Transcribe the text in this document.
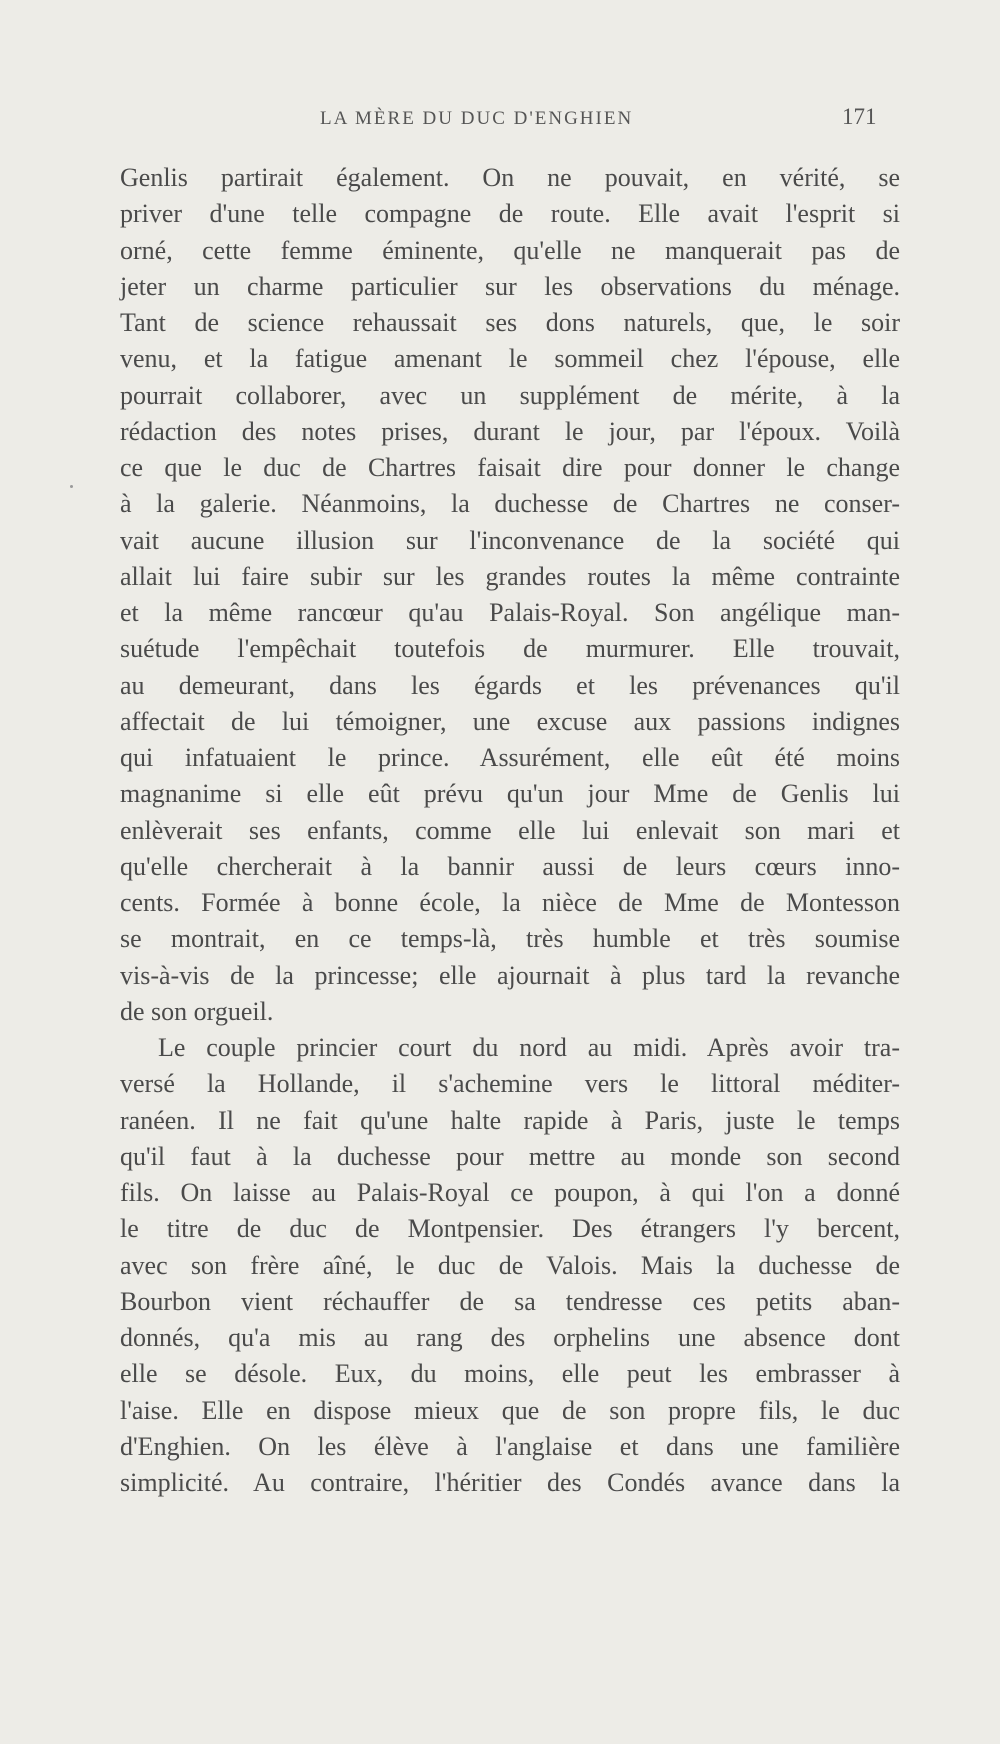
LA MÈRE DU DUC D'ENGHIEN	171
Genlis partirait également. On ne pouvait, en vérité, se
priver d'une telle compagne de route. Elle avait l'esprit si
orné, cette femme éminente, qu'elle ne manquerait pas de
jeter un charme particulier sur les observations du ménage.
Tant de science rehaussait ses dons naturels, que, le soir
venu, et la fatigue amenant le sommeil chez l'épouse, elle
pourrait collaborer, avec un supplément de mérite, à la
rédaction des notes prises, durant le jour, par l'époux. Voilà
ce que le duc de Chartres faisait dire pour donner le change
à la galerie. Néanmoins, la duchesse de Chartres ne conser-
vait aucune illusion sur l'inconvenance de la société qui
allait lui faire subir sur les grandes routes la même contrainte
et la même rancœur qu'au Palais-Royal. Son angélique man-
suétude l'empêchait toutefois de murmurer. Elle trouvait,
au demeurant, dans les égards et les prévenances qu'il
affectait de lui témoigner, une excuse aux passions indignes
qui infatuaient le prince. Assurément, elle eût été moins
magnanime si elle eût prévu qu'un jour Mme de Genlis lui
enlèverait ses enfants, comme elle lui enlevait son mari et
qu'elle chercherait à la bannir aussi de leurs cœurs inno-
cents. Formée à bonne école, la nièce de Mme de Montesson
se montrait, en ce temps-là, très humble et très soumise
vis-à-vis de la princesse; elle ajournait à plus tard la revanche
de son orgueil.
Le couple princier court du nord au midi. Après avoir tra-
versé la Hollande, il s'achemine vers le littoral méditer-
ranéen. Il ne fait qu'une halte rapide à Paris, juste le temps
qu'il faut à la duchesse pour mettre au monde son second
fils. On laisse au Palais-Royal ce poupon, à qui l'on a donné
le titre de duc de Montpensier. Des étrangers l'y bercent,
avec son frère aîné, le duc de Valois. Mais la duchesse de
Bourbon vient réchauffer de sa tendresse ces petits aban-
donnés, qu'a mis au rang des orphelins une absence dont
elle se désole. Eux, du moins, elle peut les embrasser à
l'aise. Elle en dispose mieux que de son propre fils, le duc
d'Enghien. On les élève à l'anglaise et dans une familière
simplicité. Au contraire, l'héritier des Condés avance dans la
